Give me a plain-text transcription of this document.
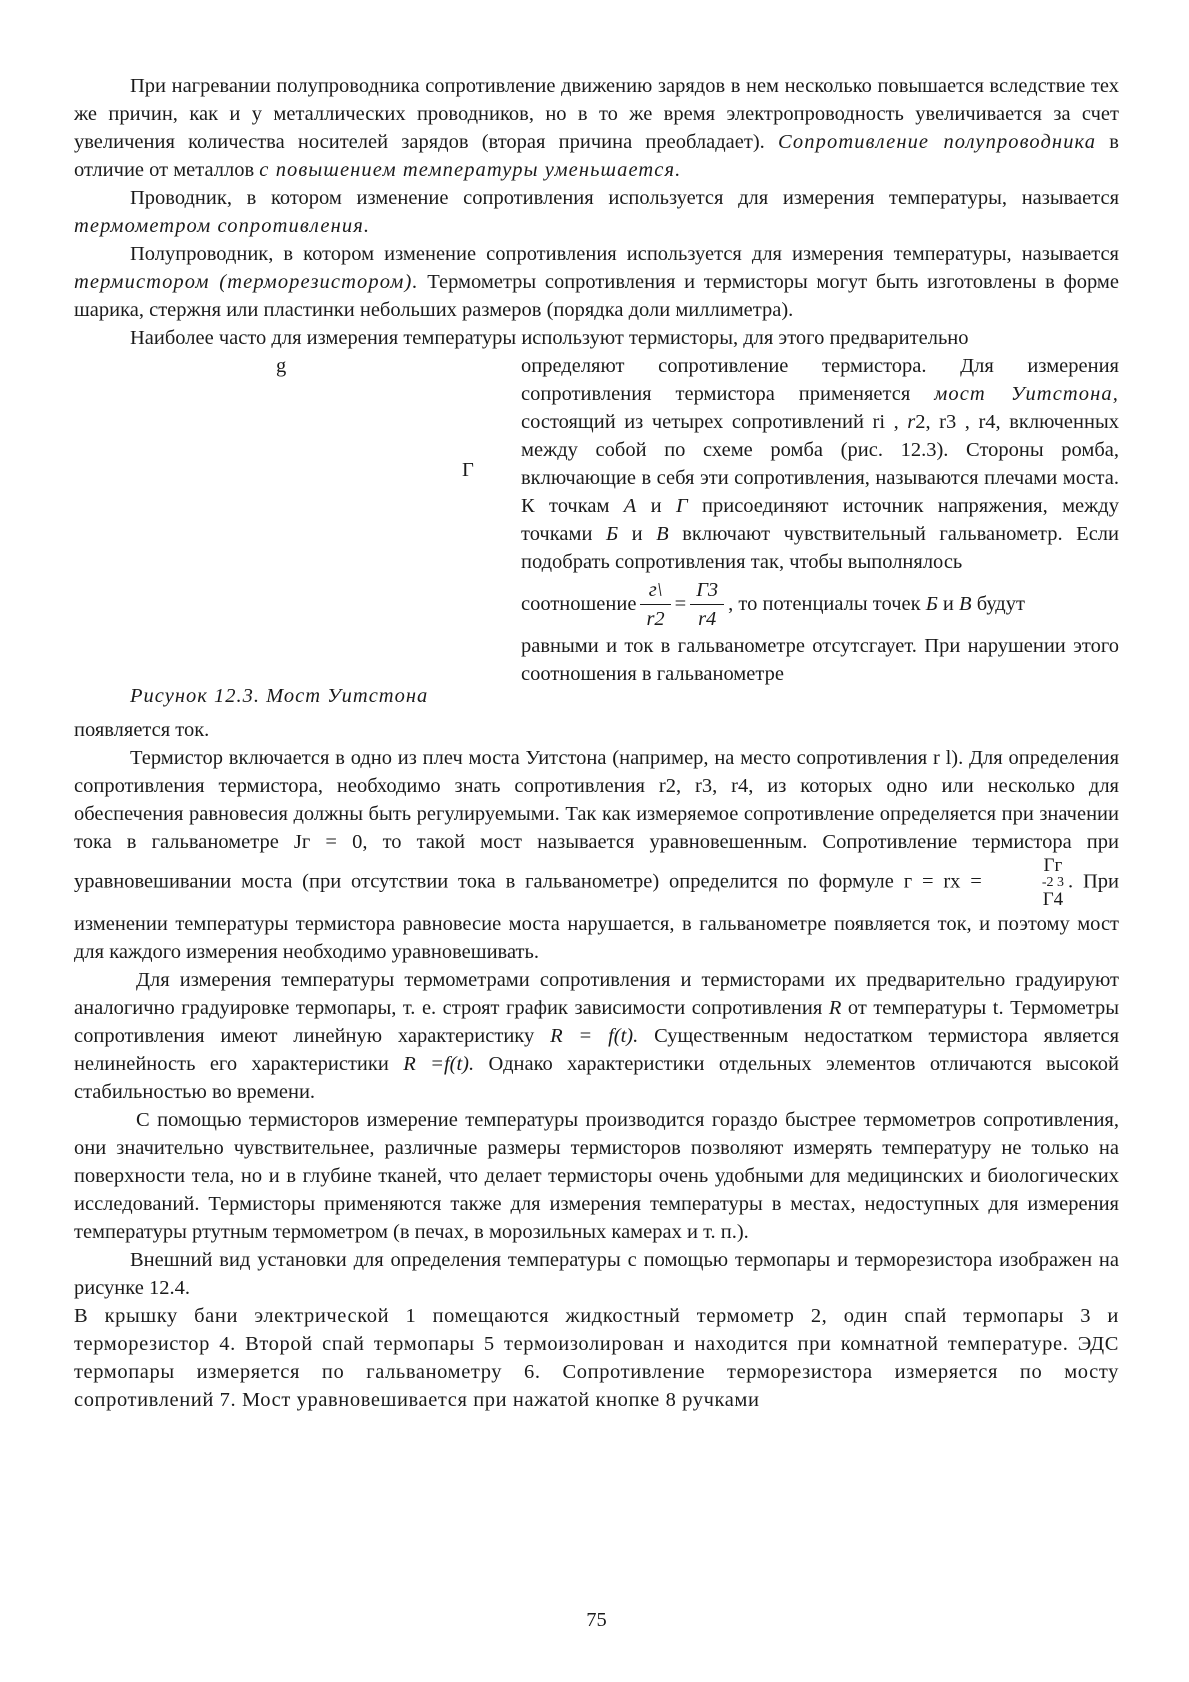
При нагревании полупроводника сопротивление движению зарядов в нем несколько повышается вследствие тех же причин, как и у металлических проводников, но в то же время электропроводность увеличивается за счет увеличения количества носителей зарядов (вторая причина преобладает). Сопротивление полупроводника в отличие от металлов с повышением температуры уменьшается.

Проводник, в котором изменение сопротивления используется для измерения температуры, называется термометром сопротивления.

Полупроводник, в котором изменение сопротивления используется для измерения температуры, называется термистором (терморезистором). Термометры сопротивления и термисторы могут быть изготовлены в форме шарика, стержня или пластинки небольших размеров (порядка доли миллиметра).

Наиболее часто для измерения температуры используют термисторы, для этого предварительно

g
Г
Рисунок 12.3. Мост Уитстона

определяют сопротивление термистора. Для измерения сопротивления термистора применяется мост Уитстона, состоящий из четырех сопротивлений ri , r2, r3 , r4, включенных между собой по схеме ромба (рис. 12.3). Стороны ромба, включающие в себя эти сопротивления, называются плечами моста. К точкам А и Г присоединяют источник напряжения, между точками Б и В включают чувствительный гальванометр. Если подобрать сопротивления так, чтобы выполнялось

соотношение $\frac{г\backslash}{r2} = \frac{Г3}{r4}$ , то потенциалы точек Б и В будут

равными и ток в гальванометре отсутсгаует. При нарушении этого соотношения в гальванометре

появляется ток.

Термистор включается в одно из плеч моста Уитстона (например, на место сопротивления r l). Для определения сопротивления термистора, необходимо знать сопротивления r2, r3, r4, из которых одно или несколько для обеспечения равновесия должны быть регулируемыми. Так как измеряемое сопротивление определяется при значении тока в гальванометре Jг = 0, то такой мост называется уравновешенным. Сопротивление термистора при уравновешивании моста (при отсутствии тока в гальванометре) определится по формуле г = rx =
Гг
-2 3
Г4
. При изменении температуры термистора равновесие моста нарушается, в гальванометре появляется ток, и поэтому мост для каждого измерения необходимо уравновешивать.

Для измерения температуры термометрами сопротивления и термисторами их предварительно градуируют аналогично градуировке термопары, т. е. строят график зависимости сопротивления R от температуры t. Термометры сопротивления имеют линейную характеристику R = f(t). Существенным недостатком термистора является нелинейность его характеристики R =f(t). Однако характеристики отдельных элементов отличаются высокой стабильностью во времени.

С помощью термисторов измерение температуры производится гораздо быстрее термометров сопротивления, они значительно чувствительнее, различные размеры термисторов позволяют измерять температуру не только на поверхности тела, но и в глубине тканей, что делает термисторы очень удобными для медицинских и биологических исследований. Термисторы применяются также для измерения температуры в местах, недоступных для измерения температуры ртутным термометром (в печах, в морозильных камерах и т. п.).

Внешний вид установки для определения температуры с помощью термопары и терморезистора изображен на рисунке 12.4.

В крышку бани электрической 1 помещаются жидкостный термометр 2, один спай термопары 3 и терморезистор 4. Второй спай термопары 5 термоизолирован и находится при комнатной температуре. ЭДС термопары измеряется по гальванометру 6. Сопротивление терморезистора измеряется по мосту сопротивлений 7. Мост уравновешивается при нажатой кнопке 8 ручками

75
